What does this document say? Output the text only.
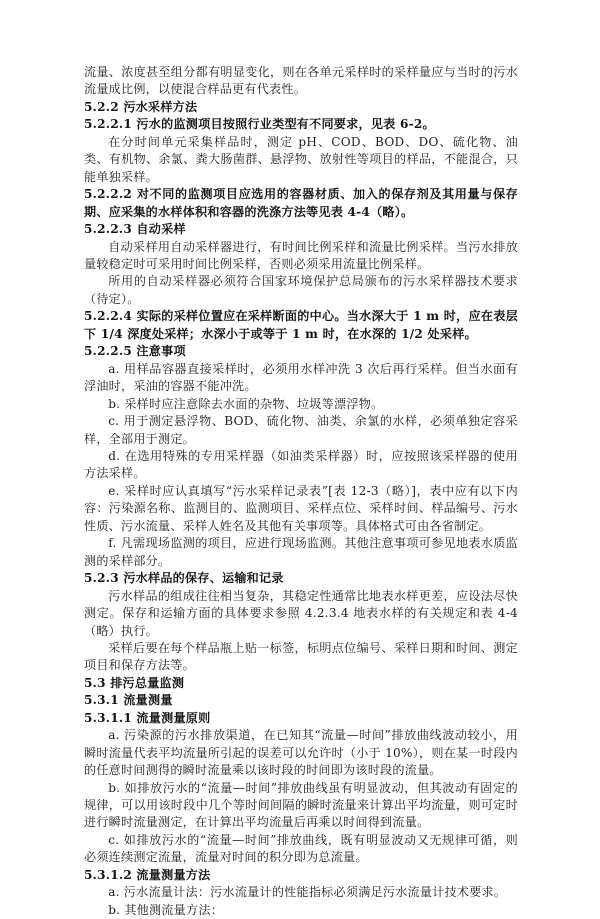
流量、浓度甚至组分都有明显变化，则在各单元采样时的采样量应与当时的污水流量成比例，以使混合样品更有代表性。

5.2.2 污水采样方法

5.2.2.1 污水的监测项目按照行业类型有不同要求，见表 6-2。

在分时间单元采集样品时，测定 pH、COD、BOD、DO、硫化物、油类、有机物、余氯、粪大肠菌群、悬浮物、放射性等项目的样品，不能混合，只能单独采样。

5.2.2.2 对不同的监测项目应选用的容器材质、加入的保存剂及其用量与保存期、应采集的水样体积和容器的洗涤方法等见表 4-4（略）。

5.2.2.3 自动采样

自动采样用自动采样器进行，有时间比例采样和流量比例采样。当污水排放量较稳定时可采用时间比例采样，否则必须采用流量比例采样。

所用的自动采样器必须符合国家环境保护总局颁布的污水采样器技术要求（待定）。

5.2.2.4 实际的采样位置应在采样断面的中心。当水深大于 1 m 时，应在表层下 1/4 深度处采样；水深小于或等于 1 m 时，在水深的 1/2 处采样。

5.2.2.5 注意事项

a. 用样品容器直接采样时，必须用水样冲洗 3 次后再行采样。但当水面有浮油时，采油的容器不能冲洗。

b. 采样时应注意除去水面的杂物、垃圾等漂浮物。

c. 用于测定悬浮物、BOD、硫化物、油类、余氯的水样，必须单独定容采样，全部用于测定。

d. 在选用特殊的专用采样器（如油类采样器）时，应按照该采样器的使用方法采样。

e. 采样时应认真填写“污水采样记录表”[表 12-3（略）]，表中应有以下内容：污染源名称、监测目的、监测项目、采样点位、采样时间、样品编号、污水性质、污水流量、采样人姓名及其他有关事项等。具体格式可由各省制定。

f. 凡需现场监测的项目，应进行现场监测。其他注意事项可参见地表水质监测的采样部分。

5.2.3 污水样品的保存、运输和记录

污水样品的组成往往相当复杂，其稳定性通常比地表水样更差，应设法尽快测定。保存和运输方面的具体要求参照 4.2.3.4 地表水样的有关规定和表 4-4（略）执行。

采样后要在每个样品瓶上贴一标签，标明点位编号、采样日期和时间、测定项目和保存方法等。

5.3 排污总量监测

5.3.1 流量测量

5.3.1.1 流量测量原则

a. 污染源的污水排放渠道，在已知其“流量—时间”排放曲线波动较小，用瞬时流量代表平均流量所引起的误差可以允许时（小于 10%），则在某一时段内的任意时间测得的瞬时流量乘以该时段的时间即为该时段的流量。

b. 如排放污水的“流量—时间”排放曲线虽有明显波动，但其波动有固定的规律，可以用该时段中几个等时间间隔的瞬时流量来计算出平均流量，则可定时进行瞬时流量测定，在计算出平均流量后再乘以时间得到流量。

c. 如排放污水的“流量—时间”排放曲线，既有明显波动又无规律可循，则必须连续测定流量，流量对时间的积分即为总流量。

5.3.1.2 流量测量方法

a. 污水流量计法：污水流量计的性能指标必须满足污水流量计技术要求。

b. 其他测流量方法：
